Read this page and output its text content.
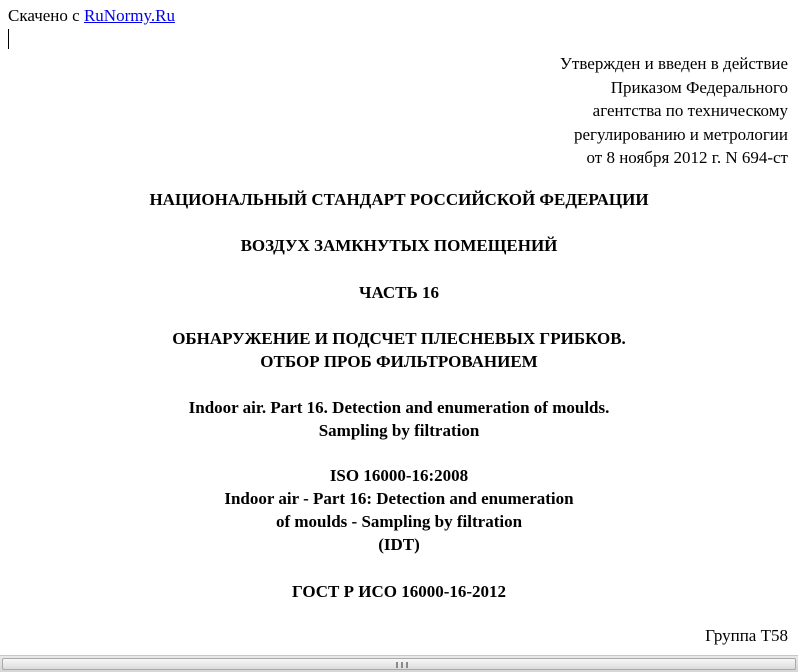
Скачено с RuNormy.Ru
Утвержден и введен в действие
Приказом Федерального
агентства по техническому
регулированию и метрологии
от 8 ноября 2012 г. N 694-ст
НАЦИОНАЛЬНЫЙ СТАНДАРТ РОССИЙСКОЙ ФЕДЕРАЦИИ
ВОЗДУХ ЗАМКНУТЫХ ПОМЕЩЕНИЙ
ЧАСТЬ 16
ОБНАРУЖЕНИЕ И ПОДСЧЕТ ПЛЕСНЕВЫХ ГРИБКОВ.
ОТБОР ПРОБ ФИЛЬТРОВАНИЕМ
Indoor air. Part 16. Detection and enumeration of moulds.
Sampling by filtration
ISO 16000-16:2008
Indoor air - Part 16: Detection and enumeration
of moulds - Sampling by filtration
(IDT)
ГОСТ Р ИСО 16000-16-2012
Группа Т58
